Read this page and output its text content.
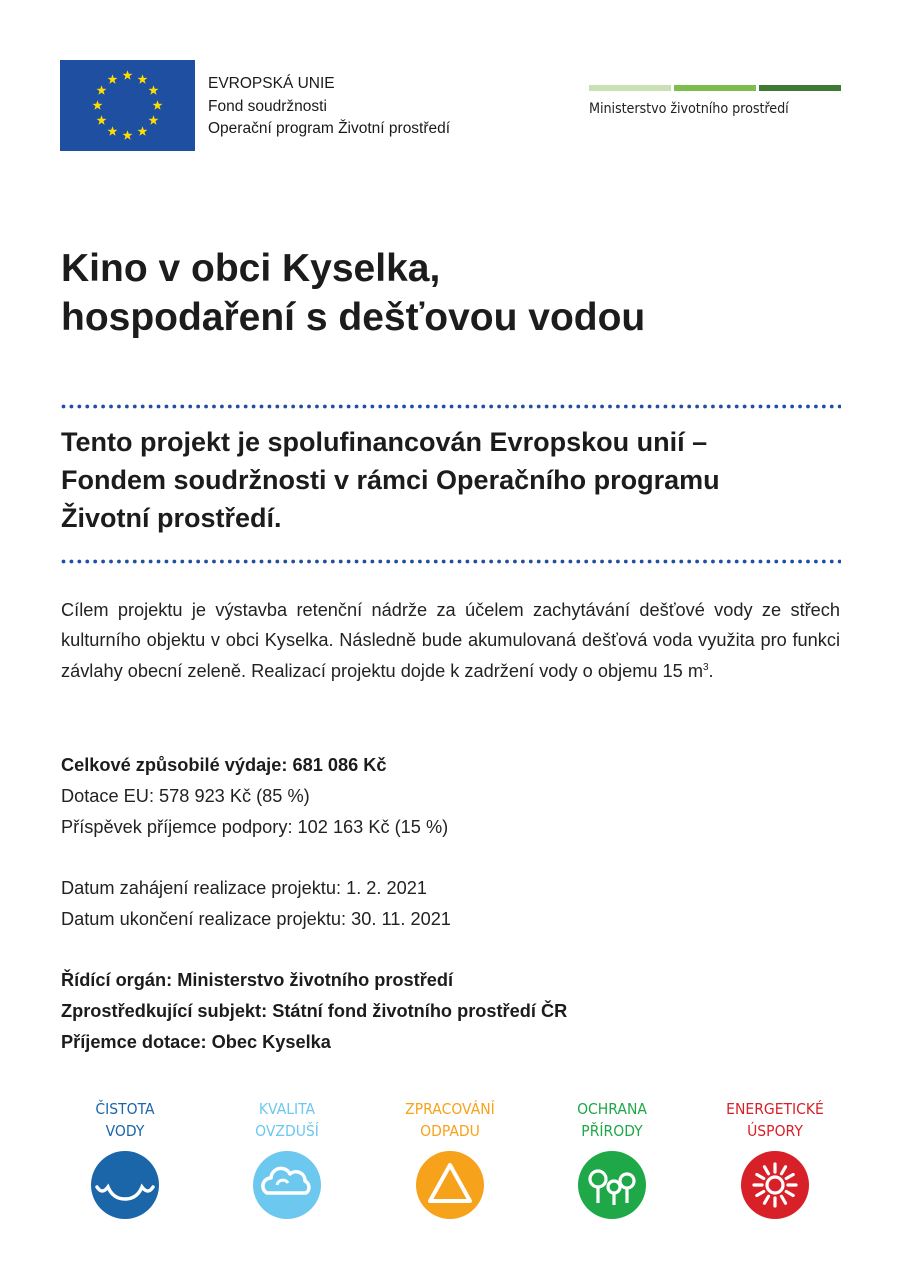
EVROPSKÁ UNIE
Fond soudržnosti
Operační program Životní prostředí
Ministerstvo životního prostředí
Kino v obci Kyselka,
hospodaření s dešťovou vodou
Tento projekt je spolufinancován Evropskou unií –
Fondem soudržnosti v rámci Operačního programu
Životní prostředí.
Cílem projektu je výstavba retenční nádrže za účelem zachytávání dešťové vody ze střech kulturního objektu v obci Kyselka. Následně bude akumulovaná dešťová voda využita pro funkci závlahy obecní zeleně. Realizací projektu dojde k zadržení vody o objemu 15 $m^3$.
Celkové způsobilé výdaje: 681 086 Kč
Dotace EU: 578 923 Kč (85 %)
Příspěvek příjemce podpory: 102 163 Kč (15 %)
Datum zahájení realizace projektu: 1. 2. 2021
Datum ukončení realizace projektu: 30. 11. 2021
Řídící orgán: Ministerstvo životního prostředí
Zprostředkující subjekt: Státní fond životního prostředí ČR
Příjemce dotace: Obec Kyselka
ČISTOTA
VODY
KVALITA
OVZDUŠÍ
ZPRACOVÁNÍ
ODPADU
OCHRANA
PŘÍRODY
ENERGETICKÉ
ÚSPORY
